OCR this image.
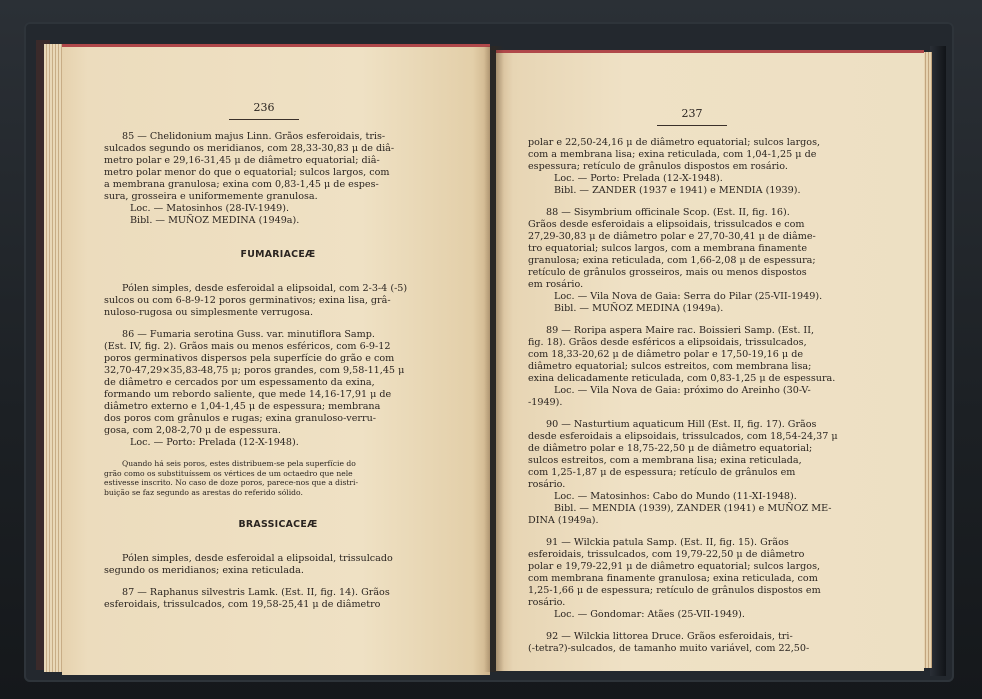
236

85 — Chelidonium majus Linn. Grãos esferoidais, tris-

sulcados segundo os meridianos, com 28,33-30,83 μ de diâ-

metro polar e 29,16-31,45 μ de diâmetro equatorial; diâ-

metro polar menor do que o equatorial; sulcos largos, com

a membrana granulosa; exina com 0,83-1,45 μ de espes-

sura, grosseira e uniformemente granulosa.

Loc. — Matosinhos (28-IV-1949).

Bibl. — MUÑOZ MEDINA (1949a).

FUMARIACEÆ

Pólen simples, desde esferoidal a elipsoidal, com 2-3-4 (-5)

sulcos ou com 6-8-9-12 poros germinativos; exina lisa, grâ-

nuloso-rugosa ou simplesmente verrugosa.

86 — Fumaria serotina Guss. var. minutiflora Samp.

(Est. IV, fig. 2). Grãos mais ou menos esféricos, com 6-9-12

poros germinativos dispersos pela superfície do grão e com

32,70-47,29×35,83-48,75 μ; poros grandes, com 9,58-11,45 μ

de diâmetro e cercados por um espessamento da exina,

formando um rebordo saliente, que mede 14,16-17,91 μ de

diâmetro externo e 1,04-1,45 μ de espessura; membrana

dos poros com grânulos e rugas; exina granuloso-verru-

gosa, com 2,08-2,70 μ de espessura.

Loc. — Porto: Prelada (12-X-1948).

Quando há seis poros, estes distribuem-se pela superfície do

grão como os substituíssem os vértices de um octaedro que nele

estivesse inscrito. No caso de doze poros, parece-nos que a distri-

buição se faz segundo as arestas do referido sólido.

BRASSICACEÆ

Pólen simples, desde esferoidal a elipsoidal, trissulcado

segundo os meridianos; exina reticulada.

87 — Raphanus silvestris Lamk. (Est. II, fig. 14). Grãos

esferoidais, trissulcados, com 19,58-25,41 μ de diâmetro

237

polar e 22,50-24,16 μ de diâmetro equatorial; sulcos largos,

com a membrana lisa; exina reticulada, com 1,04-1,25 μ de

espessura; retículo de grânulos dispostos em rosário.

Loc. — Porto: Prelada (12-X-1948).

Bibl. — ZANDER (1937 e 1941) e MENDIA (1939).

88 — Sisymbrium officinale Scop. (Est. II, fig. 16).

Grãos desde esferoidais a elipsoidais, trissulcados e com

27,29-30,83 μ de diâmetro polar e 27,70-30,41 μ de diâme-

tro equatorial; sulcos largos, com a membrana finamente

granulosa; exina reticulada, com 1,66-2,08 μ de espessura;

retículo de grânulos grosseiros, mais ou menos dispostos

em rosário.

Loc. — Vila Nova de Gaia: Serra do Pilar (25-VII-1949).

Bibl. — MUÑOZ MEDINA (1949a).

89 — Roripa aspera Maire rac. Boissieri Samp. (Est. II,

fig. 18). Grãos desde esféricos a elipsoidais, trissulcados,

com 18,33-20,62 μ de diâmetro polar e 17,50-19,16 μ de

diâmetro equatorial; sulcos estreitos, com membrana lisa;

exina delicadamente reticulada, com 0,83-1,25 μ de espessura.

Loc. — Vila Nova de Gaia: próximo do Areinho (30-V-

-1949).

90 — Nasturtium aquaticum Hill (Est. II, fig. 17). Grãos

desde esferoidais a elipsoidais, trissulcados, com 18,54-24,37 μ

de diâmetro polar e 18,75-22,50 μ de diâmetro equatorial;

sulcos estreitos, com a membrana lisa; exina reticulada,

com 1,25-1,87 μ de espessura; retículo de grânulos em

rosário.

Loc. — Matosinhos: Cabo do Mundo (11-XI-1948).

Bibl. — MENDIA (1939), ZANDER (1941) e MUÑOZ ME-

DINA (1949a).

91 — Wilckia patula Samp. (Est. II, fig. 15). Grãos

esferoidais, trissulcados, com 19,79-22,50 μ de diâmetro

polar e 19,79-22,91 μ de diâmetro equatorial; sulcos largos,

com membrana finamente granulosa; exina reticulada, com

1,25-1,66 μ de espessura; retículo de grânulos dispostos em

rosário.

Loc. — Gondomar: Atães (25-VII-1949).

92 — Wilckia littorea Druce. Grãos esferoidais, tri-

(-tetra?)-sulcados, de tamanho muito variável, com 22,50-
